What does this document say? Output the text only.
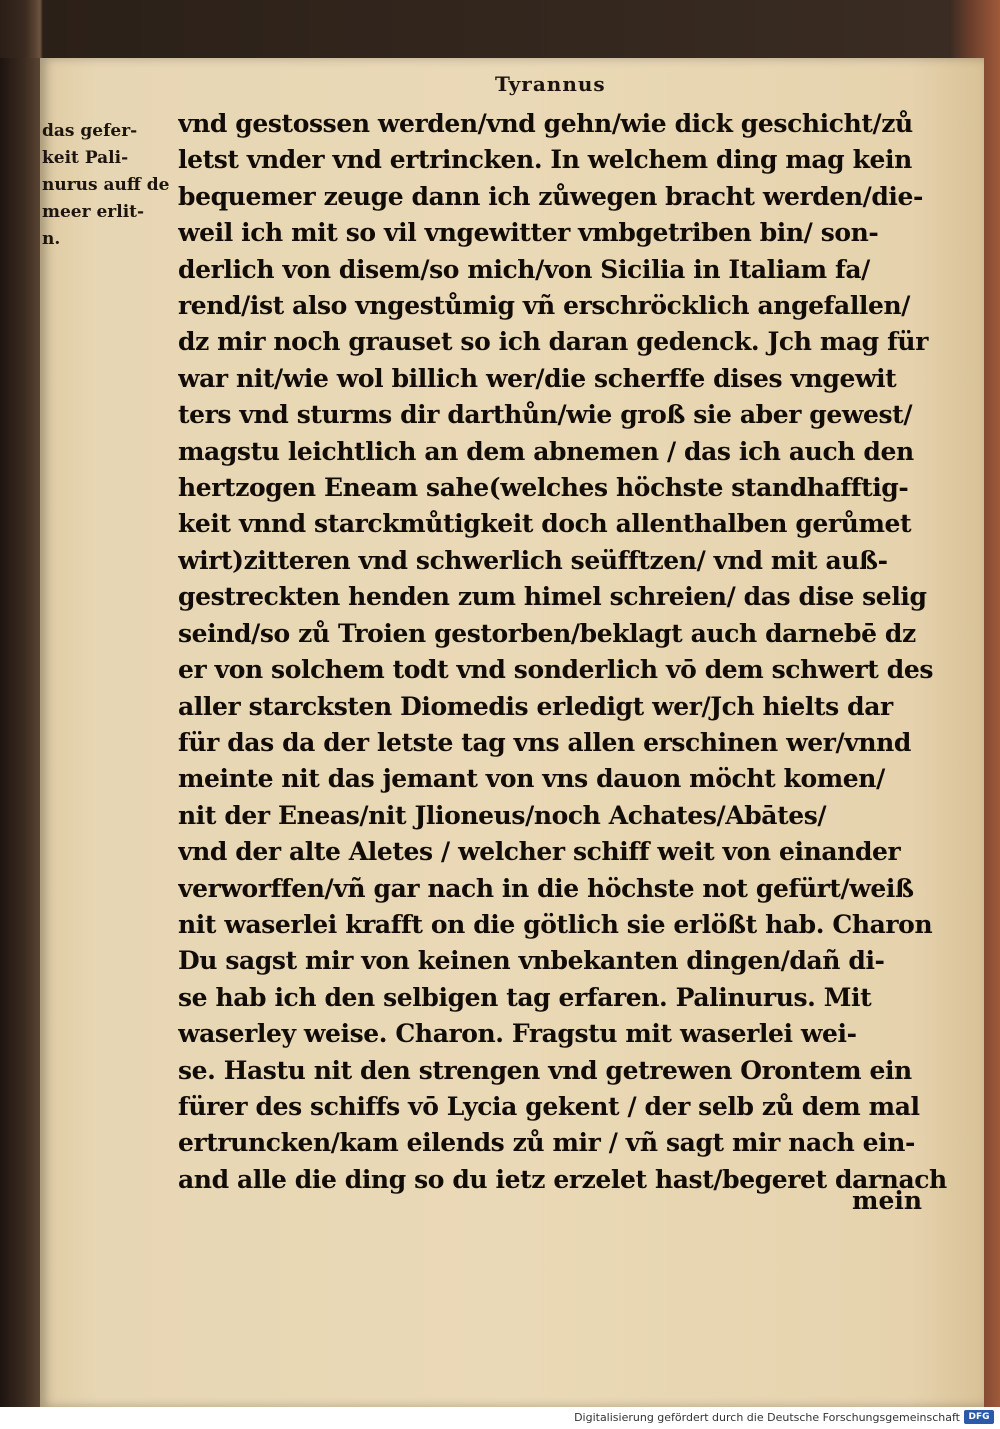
Tyrannus
das gefer-
keit Pali-
nurus auff de
meer erlit-
n.
vnd gestossen werden/vnd gehn/wie dick geschicht/zů
letst vnder vnd ertrincken. In welchem ding mag kein
bequemer zeuge dann ich zůwegen bracht werden/die-
weil ich mit so vil vngewitter vmbgetriben bin/ son-
derlich von disem/so mich/von Sicilia in Italiam fa/
rend/ist also vngestůmig vñ erschröcklich angefallen/
dz mir noch grauset so ich daran gedenck. Jch mag für
war nit/wie wol billich wer/die scherffe dises vngewit
ters vnd sturms dir darthůn/wie groß sie aber gewest/
magstu leichtlich an dem abnemen / das ich auch den
hertzogen Eneam sahe(welches höchste standhafftig-
keit vnnd starckmůtigkeit doch allenthalben gerůmet
wirt)zitteren vnd schwerlich seüfftzen/ vnd mit auß-
gestreckten henden zum himel schreien/ das dise selig
seind/so zů Troien gestorben/beklagt auch darnebē dz
er von solchem todt vnd sonderlich vō dem schwert des
aller starcksten Diomedis erledigt wer/Jch hielts dar
für das da der letste tag vns allen erschinen wer/vnnd
meinte nit das jemant von vns dauon möcht komen/
nit der Eneas/nit Jlioneus/noch Achates/Abātes/
vnd der alte Aletes / welcher schiff weit von einander
verworffen/vñ gar nach in die höchste not gefürt/weiß
nit waserlei krafft on die götlich sie erlößt hab. Charon
Du sagst mir von keinen vnbekanten dingen/dañ di-
se hab ich den selbigen tag erfaren. Palinurus. Mit
waserley weise. Charon. Fragstu mit waserlei wei-
se. Hastu nit den strengen vnd getrewen Orontem ein
fürer des schiffs vō Lycia gekent / der selb zů dem mal
ertruncken/kam eilends zů mir / vñ sagt mir nach ein-
and alle die ding so du ietz erzelet hast/begeret darnach
mein
Digitalisierung gefördert durch die Deutsche Forschungsgemeinschaft DFG
